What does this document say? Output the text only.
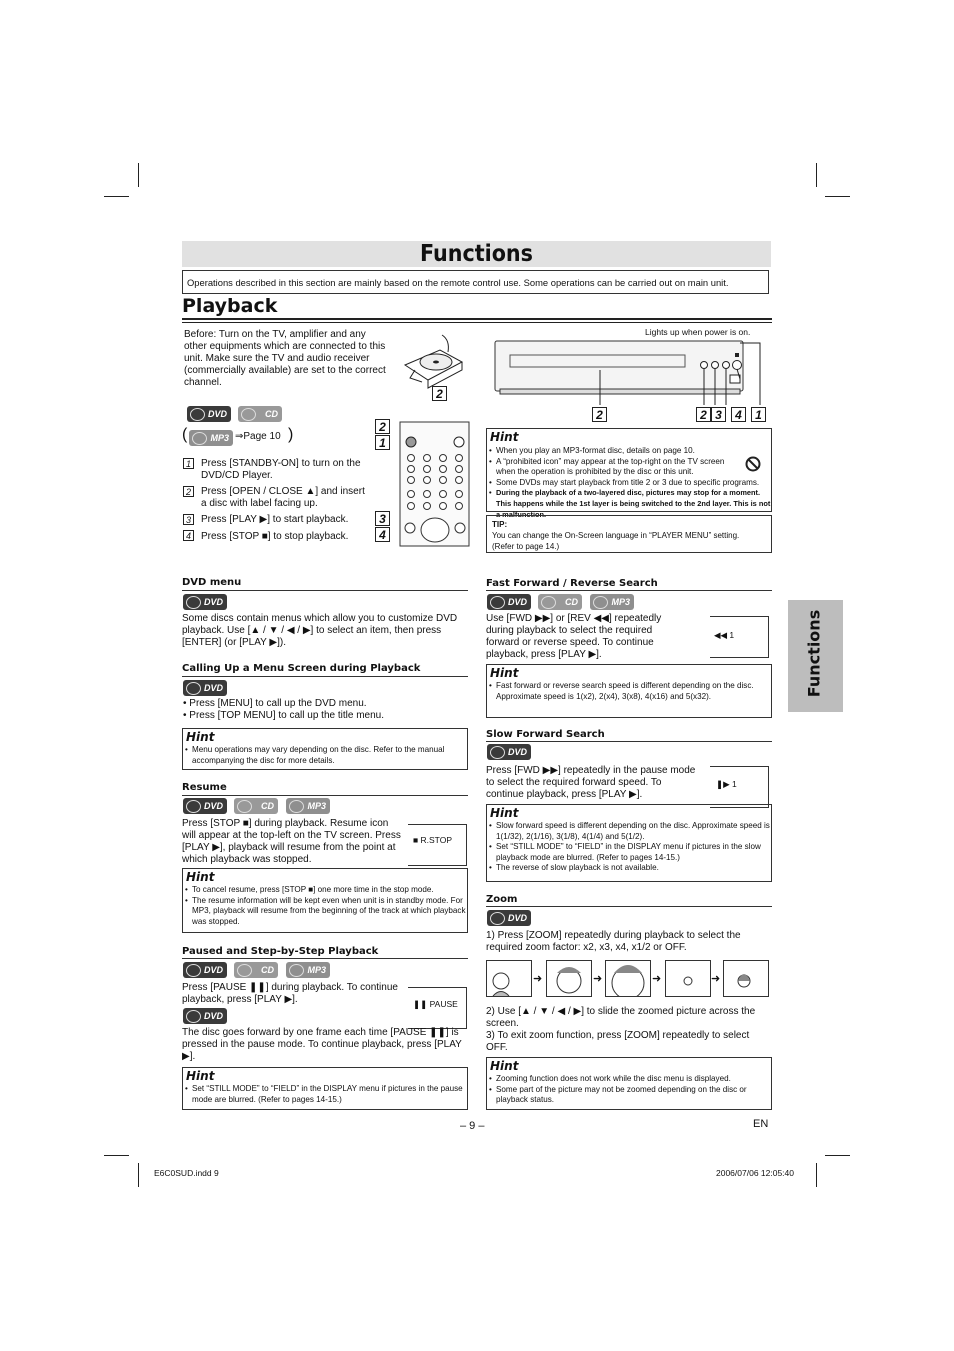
Functions
Operations described in this section are mainly based on the remote control use. Some operations can be carried out on main unit.
Playback
Before: Turn on the TV, amplifier and any other equipments which are connected to this unit. Make sure the TV and audio receiver (commercially available) are set to the correct channel.
2
Lights up when power is on.
2	2 3	4	1
DVD	CD
(	MP3 ⇒Page 10 )
1	Press [STANDBY-ON] to turn on the DVD/CD Player.
2	Press [OPEN / CLOSE ▲] and insert a disc with label facing up.
3	Press [PLAY ▶] to start playback.
4	Press [STOP ■] to stop playback.
2
1
3
4
Hint
• When you play an MP3-format disc, details on page 10.
• A “prohibited icon” may appear at the top-right on the TV screen when the operation is prohibited by the disc or this unit.
• Some DVDs may start playback from title 2 or 3 due to specific programs.
• During the playback of a two-layered disc, pictures may stop for a moment. This happens while the 1st layer is being switched to the 2nd layer. This is not a malfunction.
TIP:
You can change the On-Screen language in “PLAYER MENU” setting. (Refer to page 14.)
DVD menu
DVD
Some discs contain menus which allow you to customize DVD playback. Use [▲ / ▼ / ◀ / ▶] to select an item, then press [ENTER] (or [PLAY ▶]).
Calling Up a Menu Screen during Playback
DVD
• Press [MENU] to call up the DVD menu.
• Press [TOP MENU] to call up the title menu.
Hint
• Menu operations may vary depending on the disc. Refer to the manual accompanying the disc for more details.
Resume
DVD	CD	MP3
Press [STOP ■] during playback. Resume icon will appear at the top-left on the TV screen. Press [PLAY ▶], playback will resume from the point at which playback was stopped.
■ R.STOP
Hint
• To cancel resume, press [STOP ■] one more time in the stop mode.
• The resume information will be kept even when unit is in standby mode. For MP3, playback will resume from the beginning of the track at which playback was stopped.
Paused and Step-by-Step Playback
DVD	CD	MP3
Press [PAUSE ❚❚] during playback. To continue playback, press [PLAY ▶].	❚❚ PAUSE
DVD
The disc goes forward by one frame each time [PAUSE ❚❚] is pressed in the pause mode. To continue playback, press [PLAY ▶].
Hint
• Set “STILL MODE” to “FIELD” in the DISPLAY menu if pictures in the pause mode are blurred. (Refer to pages 14-15.)
Fast Forward / Reverse Search
DVD	CD	MP3
Use [FWD ▶▶] or [REV ◀◀] repeatedly during playback to select the required forward or reverse speed. To continue playback, press [PLAY ▶].
◀◀ 1
Hint
• Fast forward or reverse search speed is different depending on the disc. Approximate speed is 1(x2), 2(x4), 3(x8), 4(x16) and 5(x32).
Slow Forward Search
DVD
Press [FWD ▶▶] repeatedly in the pause mode to select the required forward speed. To continue playback, press [PLAY ▶].
❚▶ 1
Hint
• Slow forward speed is different depending on the disc. Approximate speed is 1(1/32), 2(1/16), 3(1/8), 4(1/4) and 5(1/2).
• Set “STILL MODE” to “FIELD” in the DISPLAY menu if pictures in the slow playback mode are blurred. (Refer to pages 14-15.)
• The reverse of slow playback is not available.
Zoom
DVD
1) Press [ZOOM] repeatedly during playback to select the required zoom factor: x2, x3, x4, x1/2 or OFF.
➜	➜	➜	➜
2) Use [▲ / ▼ / ◀ / ▶] to slide the zoomed picture across the screen.
3) To exit zoom function, press [ZOOM] repeatedly to select OFF.
Hint
• Zooming function does not work while the disc menu is displayed.
• Some part of the picture may not be zoomed depending on the disc or playback status.
Functions
– 9 –	EN
E6C0SUD.indd 9	2006/07/06 12:05:40
